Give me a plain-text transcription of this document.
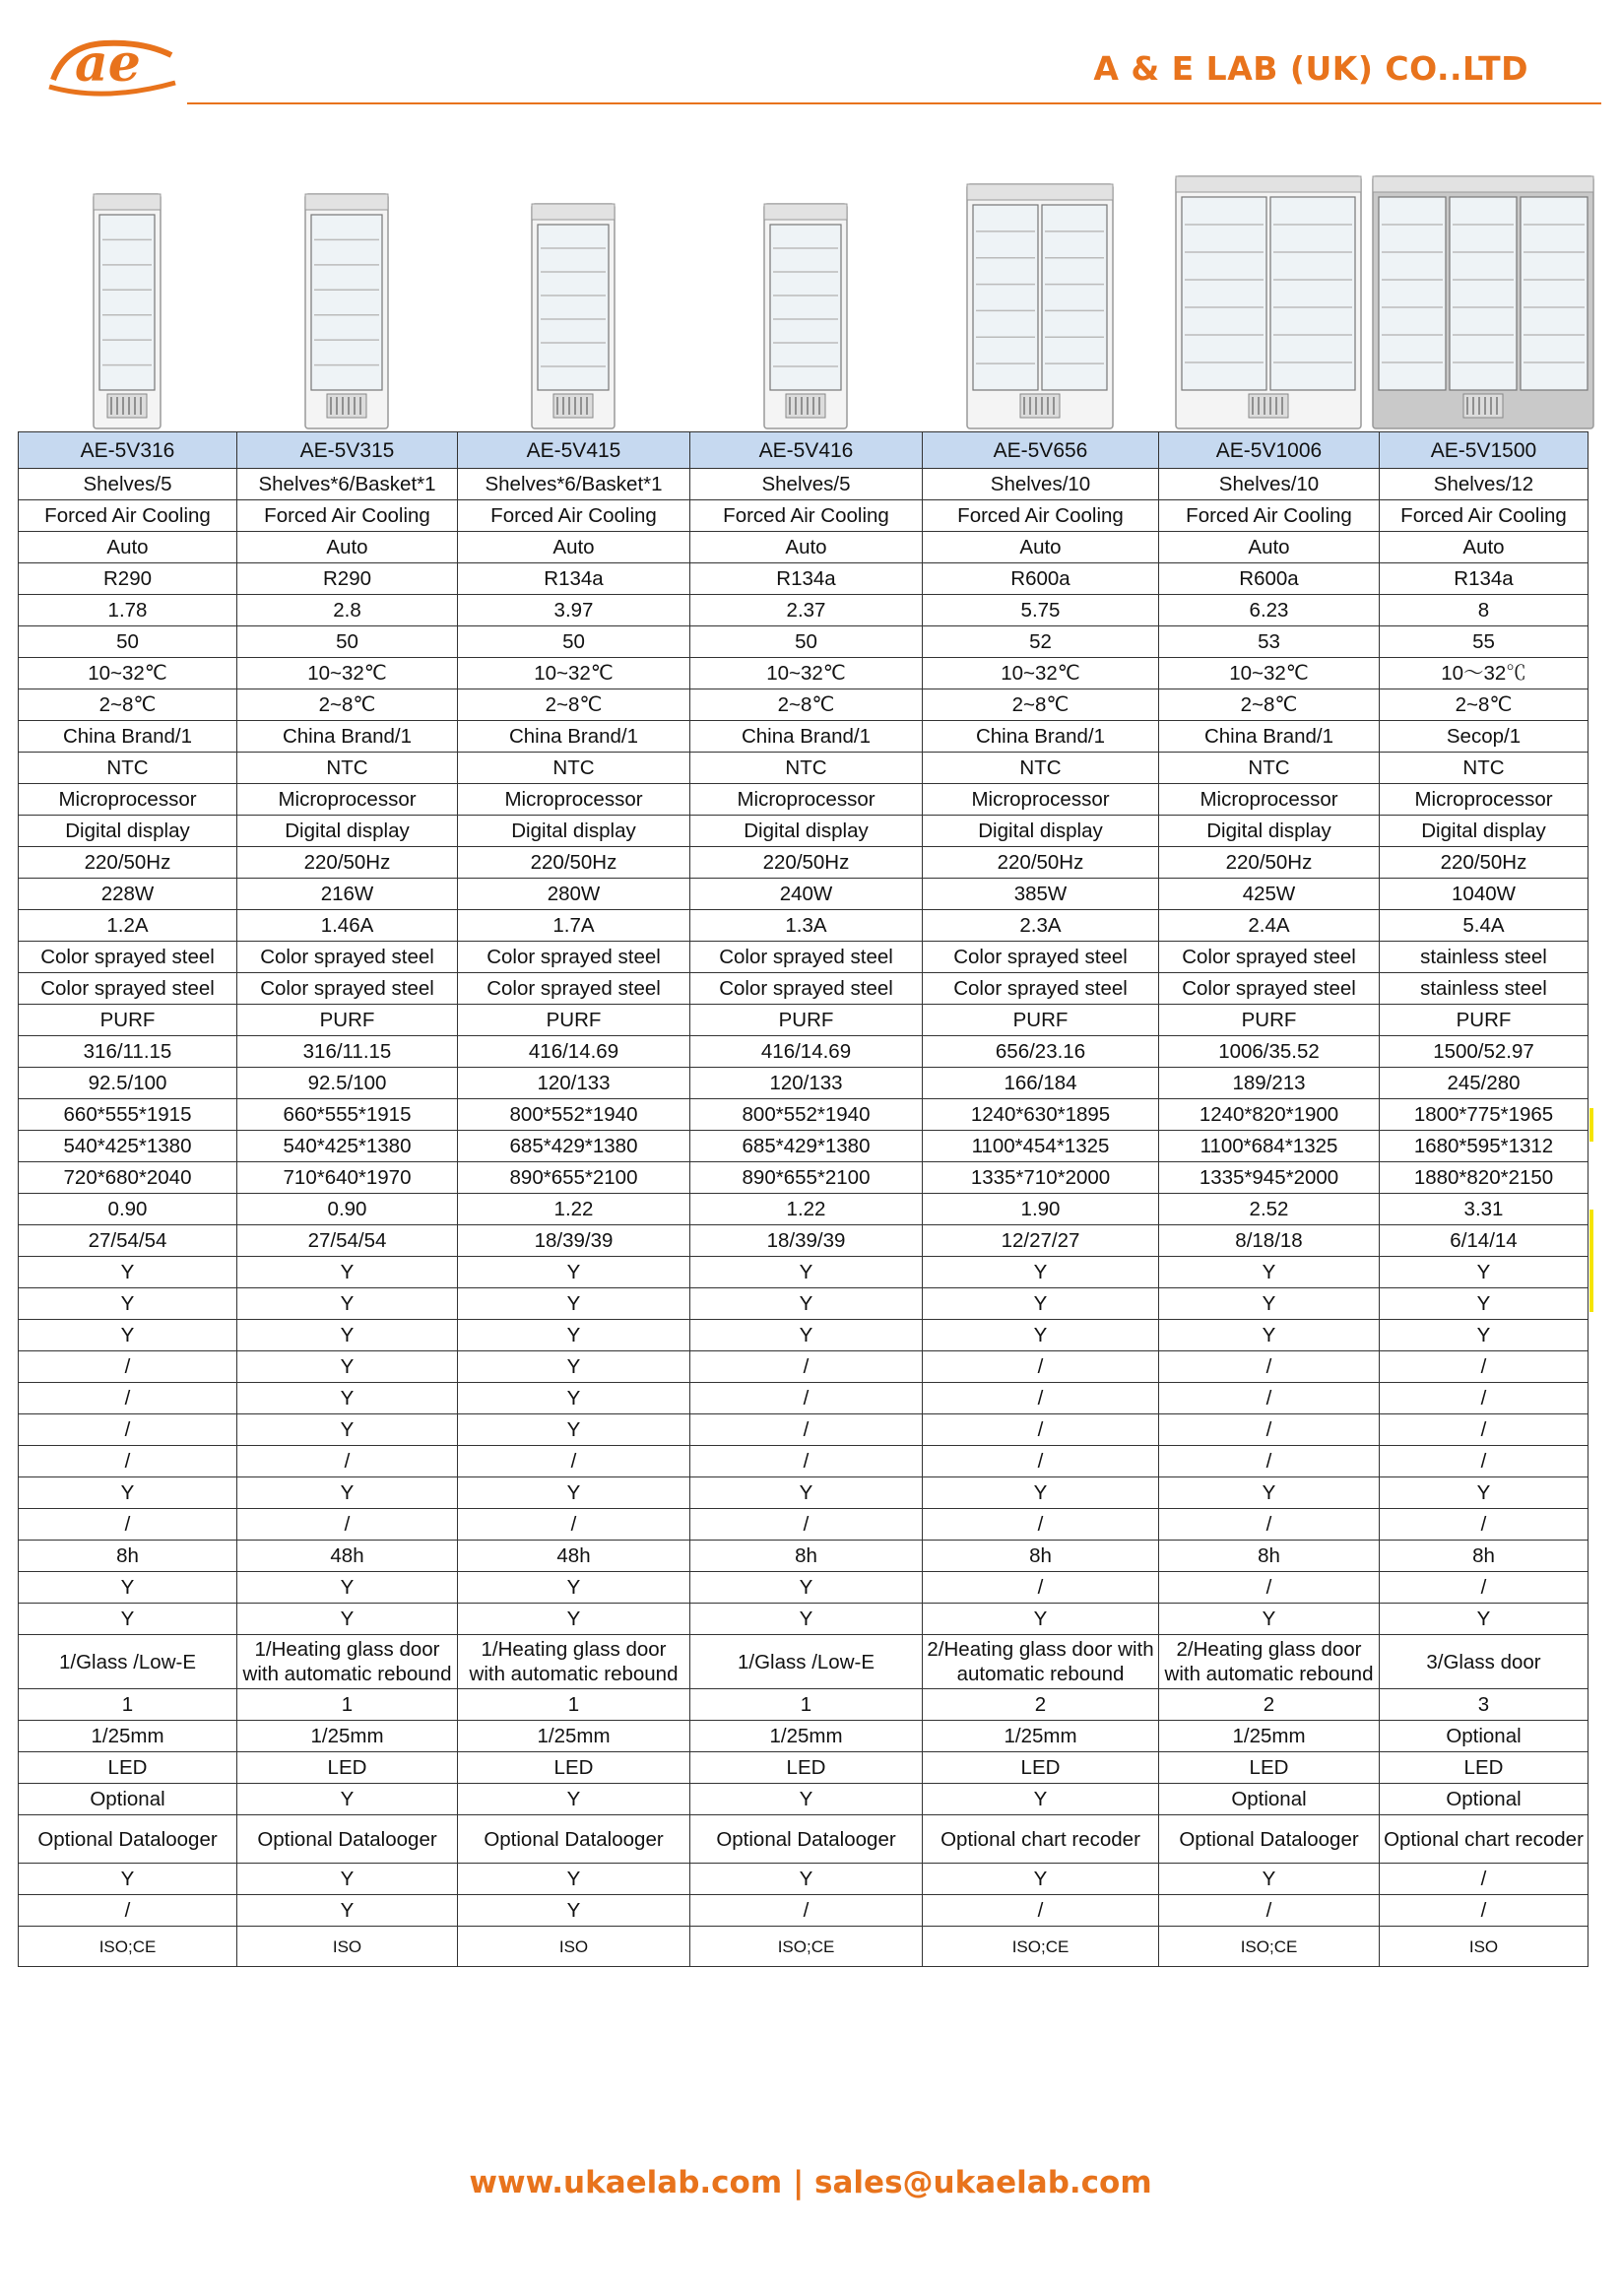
ae	A & E LAB (UK) CO..LTD
AE-5V316	AE-5V315	AE-5V415	AE-5V416	AE-5V656	AE-5V1006	AE-5V1500
Shelves/5	Shelves*6/Basket*1	Shelves*6/Basket*1	Shelves/5	Shelves/10	Shelves/10	Shelves/12
Forced Air Cooling	Forced Air Cooling	Forced Air Cooling	Forced Air Cooling	Forced Air Cooling	Forced Air Cooling	Forced Air Cooling
Auto	Auto	Auto	Auto	Auto	Auto	Auto
R290	R290	R134a	R134a	R600a	R600a	R134a
1.78	2.8	3.97	2.37	5.75	6.23	8
50	50	50	50	52	53	55
10~32℃	10~32℃	10~32℃	10~32℃	10~32℃	10~32℃	10～32℃
2~8℃	2~8℃	2~8℃	2~8℃	2~8℃	2~8℃	2~8℃
China Brand/1	China Brand/1	China Brand/1	China Brand/1	China Brand/1	China Brand/1	Secop/1
NTC	NTC	NTC	NTC	NTC	NTC	NTC
Microprocessor	Microprocessor	Microprocessor	Microprocessor	Microprocessor	Microprocessor	Microprocessor
Digital display	Digital display	Digital display	Digital display	Digital display	Digital display	Digital display
220/50Hz	220/50Hz	220/50Hz	220/50Hz	220/50Hz	220/50Hz	220/50Hz
228W	216W	280W	240W	385W	425W	1040W
1.2A	1.46A	1.7A	1.3A	2.3A	2.4A	5.4A
Color sprayed steel	Color sprayed steel	Color sprayed steel	Color sprayed steel	Color sprayed steel	Color sprayed steel	stainless steel
Color sprayed steel	Color sprayed steel	Color sprayed steel	Color sprayed steel	Color sprayed steel	Color sprayed steel	stainless steel
PURF	PURF	PURF	PURF	PURF	PURF	PURF
316/11.15	316/11.15	416/14.69	416/14.69	656/23.16	1006/35.52	1500/52.97
92.5/100	92.5/100	120/133	120/133	166/184	189/213	245/280
660*555*1915	660*555*1915	800*552*1940	800*552*1940	1240*630*1895	1240*820*1900	1800*775*1965
540*425*1380	540*425*1380	685*429*1380	685*429*1380	1100*454*1325	1100*684*1325	1680*595*1312
720*680*2040	710*640*1970	890*655*2100	890*655*2100	1335*710*2000	1335*945*2000	1880*820*2150
0.90	0.90	1.22	1.22	1.90	2.52	3.31
27/54/54	27/54/54	18/39/39	18/39/39	12/27/27	8/18/18	6/14/14
Y	Y	Y	Y	Y	Y	Y
Y	Y	Y	Y	Y	Y	Y
Y	Y	Y	Y	Y	Y	Y
/	Y	Y	/	/	/	/
/	Y	Y	/	/	/	/
/	Y	Y	/	/	/	/
/	/	/	/	/	/	/
Y	Y	Y	Y	Y	Y	Y
/	/	/	/	/	/	/
8h	48h	48h	8h	8h	8h	8h
Y	Y	Y	Y	/	/	/
Y	Y	Y	Y	Y	Y	Y
1/Glass /Low-E	1/Heating glass door with automatic rebound	1/Heating glass door with automatic rebound	1/Glass /Low-E	2/Heating glass door with automatic rebound	2/Heating glass door with automatic rebound	3/Glass door
1	1	1	1	2	2	3
1/25mm	1/25mm	1/25mm	1/25mm	1/25mm	1/25mm	Optional
LED	LED	LED	LED	LED	LED	LED
Optional	Y	Y	Y	Y	Optional	Optional
Optional Datalooger	Optional Datalooger	Optional Datalooger	Optional Datalooger	Optional chart recoder	Optional Datalooger	Optional chart recoder
Y	Y	Y	Y	Y	Y	/
/	Y	Y	/	/	/	/
ISO;CE	ISO	ISO	ISO;CE	ISO;CE	ISO;CE	ISO
www.ukaelab.com | sales@ukaelab.com
